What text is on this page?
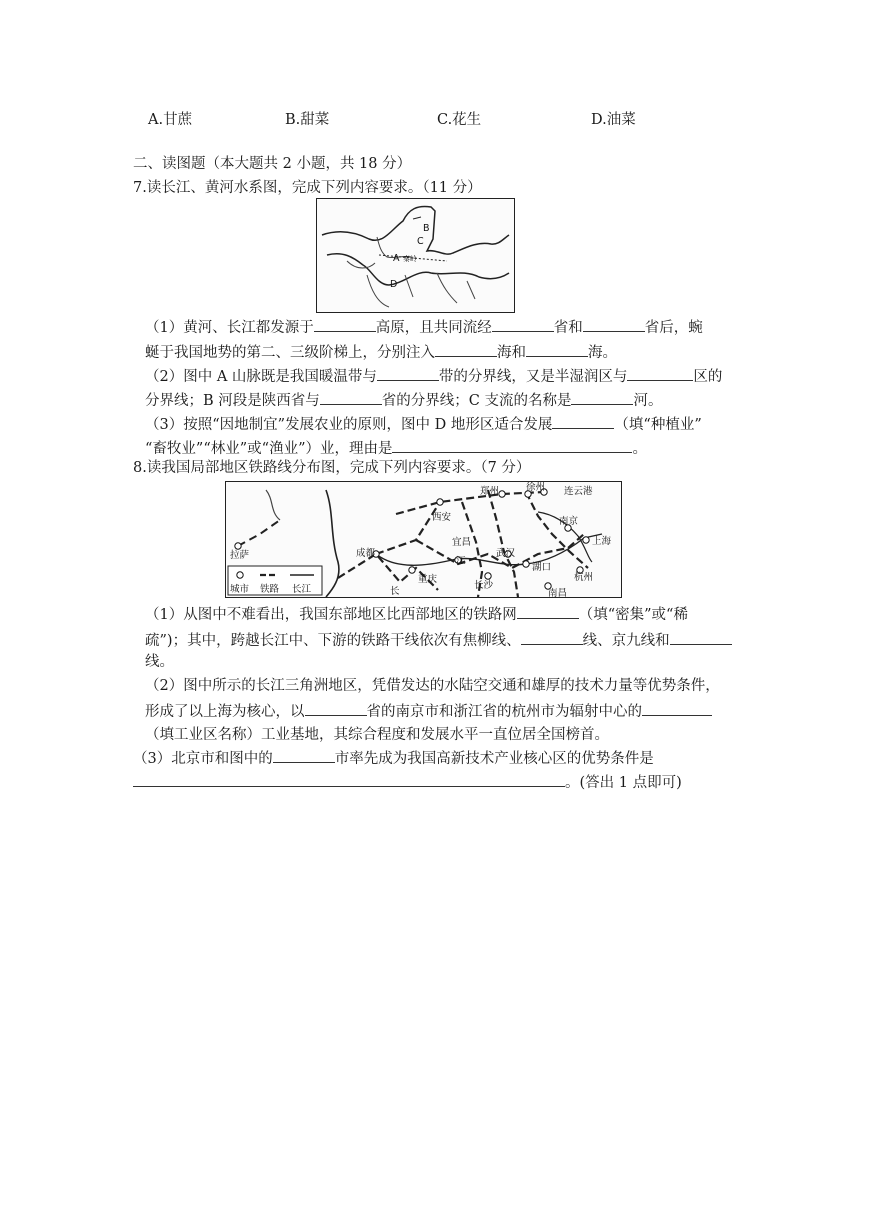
A.甘蔗	B.甜菜	C.花生	D.油菜
二、读图题（本大题共 2 小题，共 18 分）
7.读长江、黄河水系图，完成下列内容要求。（11 分）
B
C
A 秦岭
D
（1）黄河、长江都发源于	高原，且共同流经	省和	省后，蜿
蜒于我国地势的第二、三级阶梯上，分别注入	海和	海。
（2）图中 A 山脉既是我国暖温带与	带的分界线，又是半湿润区与	区的
分界线；B 河段是陕西省与	省的分界线；C 支流的名称是	河。
（3）按照“因地制宜”发展农业的原则，图中 D 地形区适合发展	（填“种植业”
“畜牧业”“林业”或“渔业”）业，理由是	。
8.读我国局部地区铁路线分布图，完成下列内容要求。（7 分）
郑州	徐州 连云港
西安	南京
上海
拉萨	成都
宜昌
武汉
江
重庆
湖口
杭州
长沙
长	南昌
城市 铁路 长江
（1）从图中不难看出，我国东部地区比西部地区的铁路网	（填“密集”或“稀
疏”)；其中，跨越长江中、下游的铁路干线依次有焦柳线、	线、京九线和
线。
（2）图中所示的长江三角洲地区，凭借发达的水陆空交通和雄厚的技术力量等优势条件，
形成了以上海为核心，以	省的南京市和浙江省的杭州市为辐射中心的
（填工业区名称）工业基地，其综合程度和发展水平一直位居全国榜首。
（3）北京市和图中的	市率先成为我国高新技术产业核心区的优势条件是
。(答出 1 点即可)
